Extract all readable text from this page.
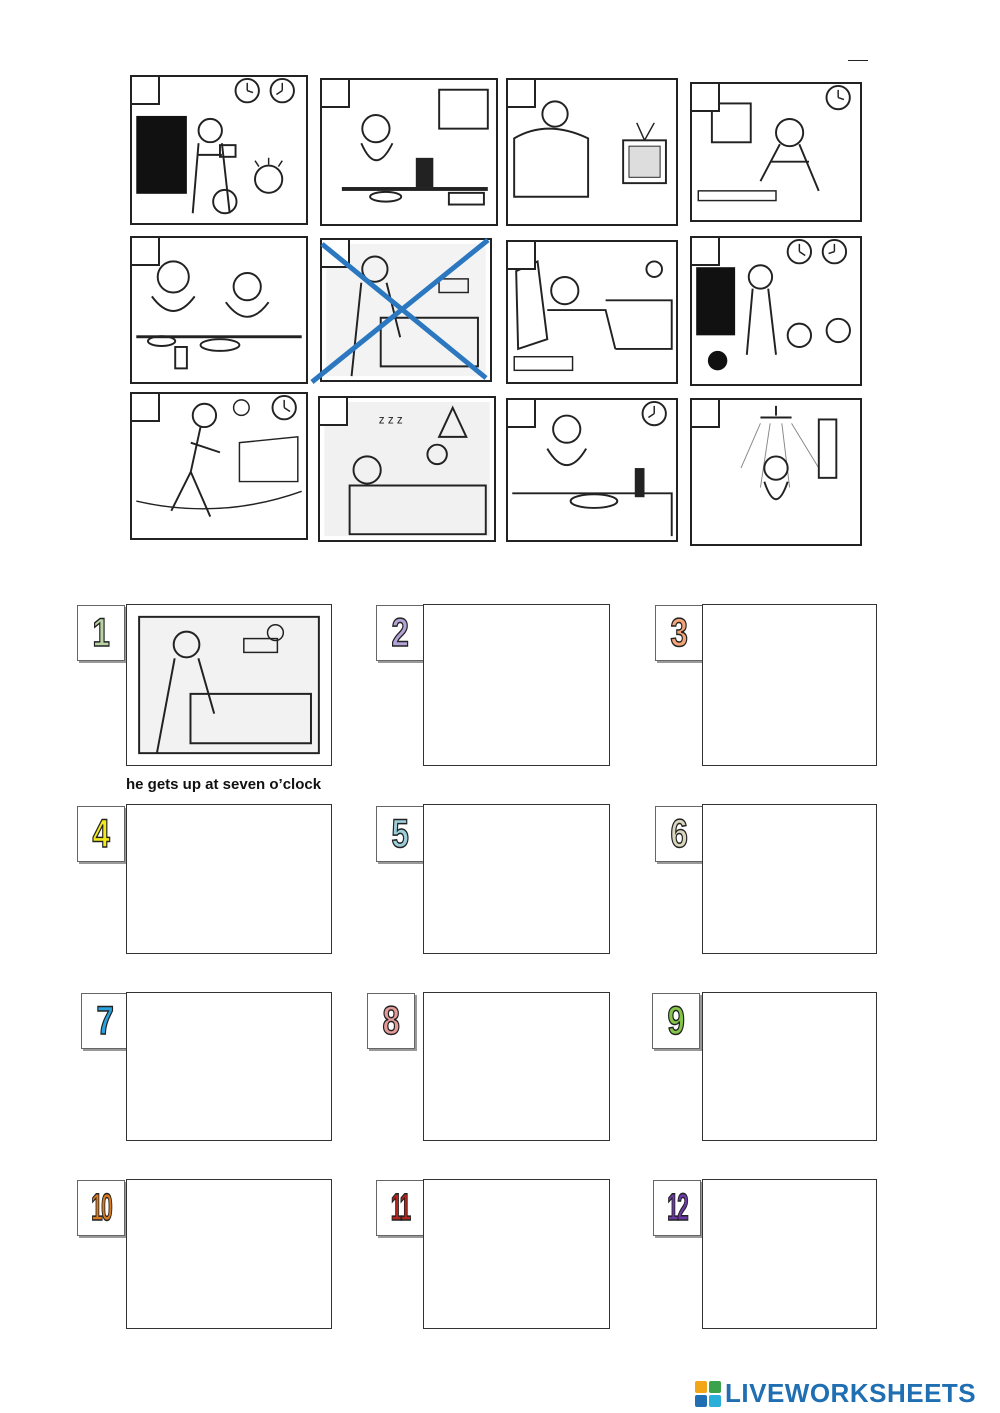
z z z
1
he gets up at seven o’clock
2	3
4	5	6
7	8	9
10	11	12
LIVEWORKSHEETS
